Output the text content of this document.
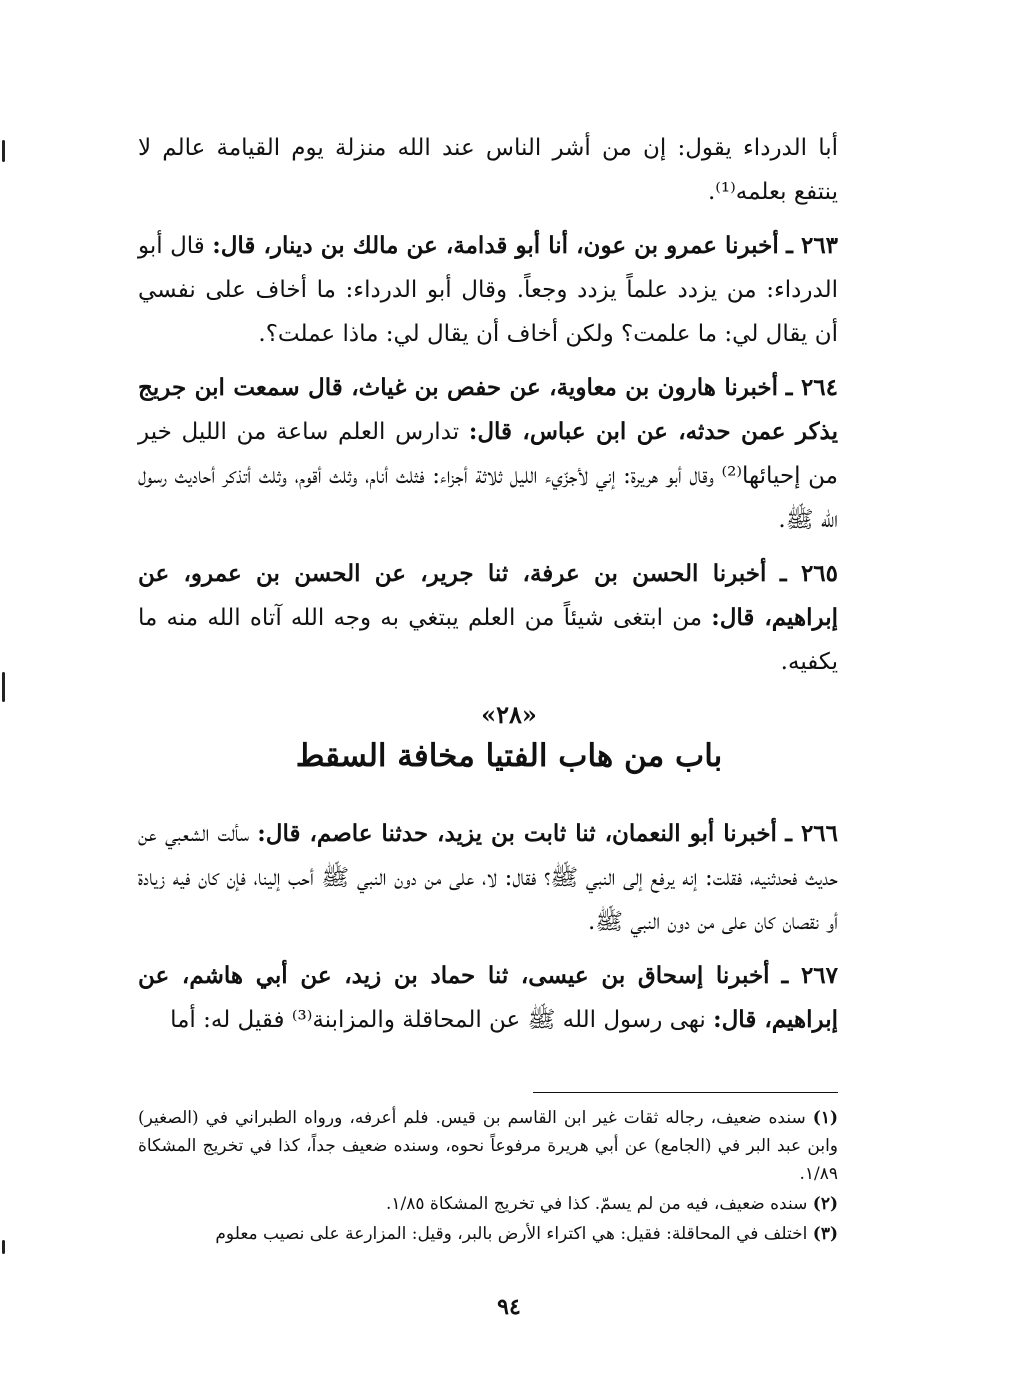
أبا الدرداء يقول: إن من أشر الناس عند الله منزلة يوم القيامة عالم لا ينتفع بعلمه⁽¹⁾.

٢٦٣ ـ أخبرنا عمرو بن عون، أنا أبو قدامة، عن مالك بن دينار، قال: قال أبو الدرداء: من يزدد علماً يزدد وجعاً. وقال أبو الدرداء: ما أخاف على نفسي أن يقال لي: ما علمت؟ ولكن أخاف أن يقال لي: ماذا عملت؟.

٢٦٤ ـ أخبرنا هارون بن معاوية، عن حفص بن غياث، قال سمعت ابن جريج يذكر عمن حدثه، عن ابن عباس، قال: تدارس العلم ساعة من الليل خير من إحيائها⁽²⁾ وقال أبو هريرة: إني لأجزّيء الليل ثلاثة أجزاء: فثلث أنام، وثلث أقوم، وثلث أتذكر أحاديث رسول الله ﷺ.

٢٦٥ ـ أخبرنا الحسن بن عرفة، ثنا جرير، عن الحسن بن عمرو، عن إبراهيم، قال: من ابتغى شيئاً من العلم يبتغي به وجه الله آتاه الله منه ما يكفيه.

«٢٨»
باب من هاب الفتيا مخافة السقط

٢٦٦ ـ أخبرنا أبو النعمان، ثنا ثابت بن يزيد، حدثنا عاصم، قال: سألت الشعبي عن حديث فحدثنيه، فقلت: إنه يرفع إلى النبي ﷺ؟ فقال: لا، على من دون النبي ﷺ أحب إلينا، فإن كان فيه زيادة أو نقصان كان على من دون النبي ﷺ.

٢٦٧ ـ أخبرنا إسحاق بن عيسى، ثنا حماد بن زيد، عن أبي هاشم، عن إبراهيم، قال: نهى رسول الله ﷺ عن المحاقلة والمزابنة⁽³⁾ فقيل له: أما

(١) سنده ضعيف، رجاله ثقات غير ابن القاسم بن قيس. فلم أعرفه، ورواه الطبراني في (الصغير) وابن عبد البر في (الجامع) عن أبي هريرة مرفوعاً نحوه، وسنده ضعيف جداً، كذا في تخريج المشكاة ١/٨٩.

(٢) سنده ضعيف، فيه من لم يسمّ. كذا في تخريج المشكاة ١/٨٥.

(٣) اختلف في المحاقلة: فقيل: هي اكتراء الأرض بالبر، وقيل: المزارعة على نصيب معلوم

٩٤
